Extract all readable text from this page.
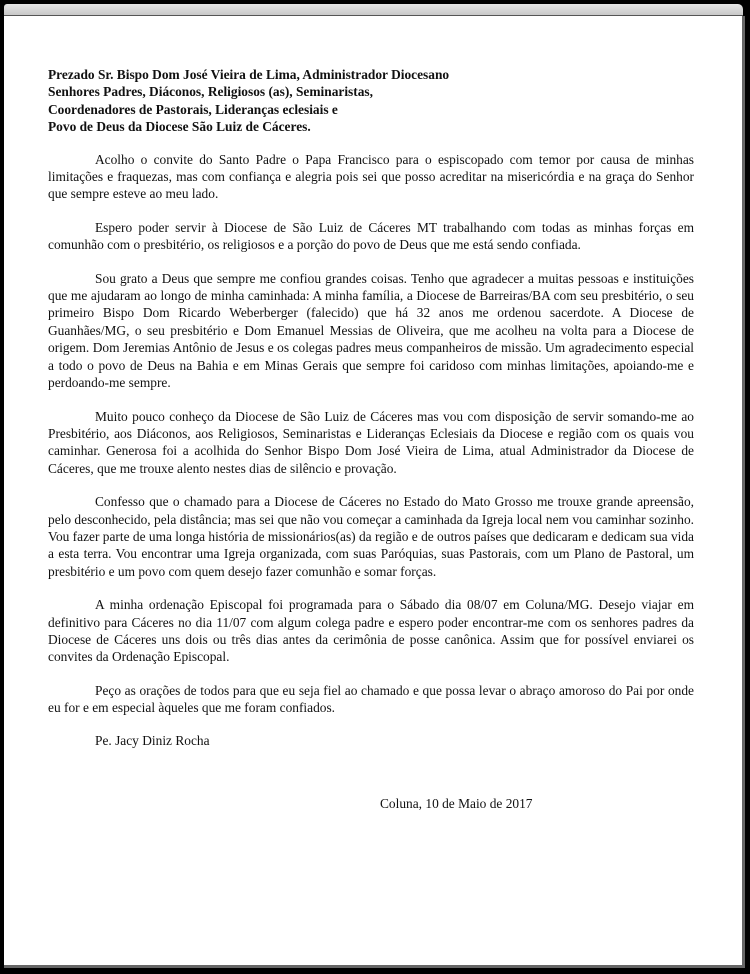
Prezado Sr. Bispo Dom José Vieira de Lima, Administrador Diocesano
Senhores Padres, Diáconos, Religiosos (as), Seminaristas,
Coordenadores de Pastorais, Lideranças eclesiais e
Povo de Deus da Diocese São Luiz de Cáceres.

Acolho o convite do Santo Padre o Papa Francisco para o espiscopado com temor por causa de minhas limitações e fraquezas, mas com confiança e alegria pois sei que posso acreditar na misericórdia e na graça do Senhor que sempre esteve ao meu lado.

Espero poder servir à Diocese de São Luiz de Cáceres MT trabalhando com todas as minhas forças em comunhão com o presbitério, os religiosos e a porção do povo de Deus que me está sendo confiada.

Sou grato a Deus que sempre me confiou grandes coisas. Tenho que agradecer a muitas pessoas e instituições que me ajudaram ao longo de minha caminhada: A minha família, a Diocese de Barreiras/BA com seu presbitério, o seu primeiro Bispo Dom Ricardo Weberberger (falecido) que há 32 anos me ordenou sacerdote. A Diocese de Guanhães/MG, o seu presbitério e Dom Emanuel Messias de Oliveira, que me acolheu na volta para a Diocese de origem. Dom Jeremias Antônio de Jesus e os colegas padres meus companheiros de missão. Um agradecimento especial a todo o povo de Deus na Bahia e em Minas Gerais que sempre foi caridoso com minhas limitações, apoiando-me e perdoando-me sempre.

Muito pouco conheço da Diocese de São Luiz de Cáceres mas vou com disposição de servir somando-me ao Presbitério, aos Diáconos, aos Religiosos, Seminaristas e Lideranças Eclesiais da Diocese e região com os quais vou caminhar. Generosa foi a acolhida do Senhor Bispo Dom José Vieira de Lima, atual Administrador da Diocese de Cáceres, que me trouxe alento nestes dias de silêncio e provação.

Confesso que o chamado para a Diocese de Cáceres no Estado do Mato Grosso me trouxe grande apreensão, pelo desconhecido, pela distância; mas sei que não vou começar a caminhada da Igreja local nem vou caminhar sozinho. Vou fazer parte de uma longa história de missionários(as) da região e de outros países que dedicaram e dedicam sua vida a esta terra. Vou encontrar uma Igreja organizada, com suas Paróquias, suas Pastorais, com um Plano de Pastoral, um presbitério e um povo com quem desejo fazer comunhão e somar forças.

A minha ordenação Episcopal foi programada para o Sábado dia 08/07 em Coluna/MG. Desejo viajar em definitivo para Cáceres no dia 11/07 com algum colega padre e espero poder encontrar-me com os senhores padres da Diocese de Cáceres uns dois ou três dias antes da cerimônia de posse canônica. Assim que for possível enviarei os convites da Ordenação Episcopal.

Peço as orações de todos para que eu seja fiel ao chamado e que possa levar o abraço amoroso do Pai por onde eu for e em especial àqueles que me foram confiados.

Pe. Jacy Diniz Rocha
Coluna, 10 de Maio de 2017
